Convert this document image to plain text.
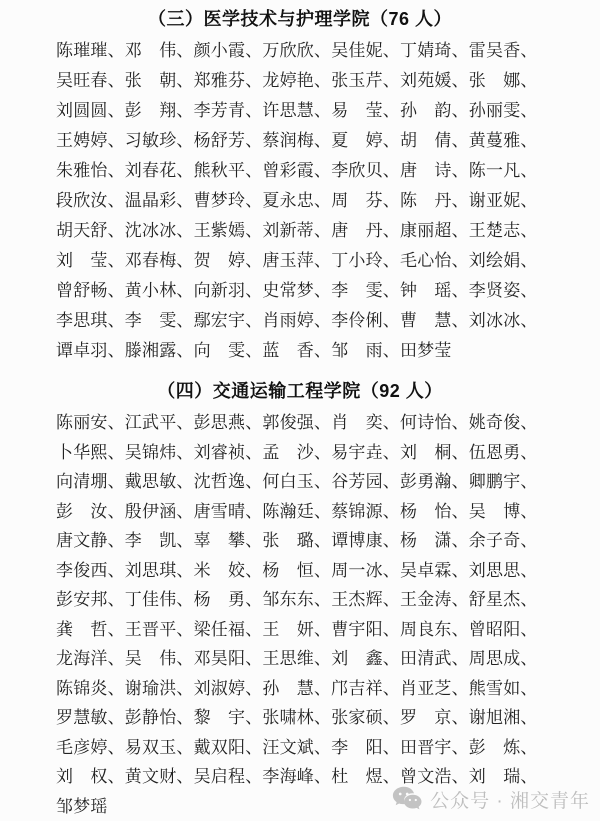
（三）医学技术与护理学院（76 人）
陈璀璀、邓　伟、颜小霞、万欣欣、吴佳妮、丁婧琦、雷吴香、
吴旺春、张　朝、郑雅芬、龙婷艳、张玉芹、刘苑媛、张　娜、
刘圆圆、彭　翔、李芳青、许思慧、易　莹、孙　韵、孙丽雯、
王娉婷、习敏珍、杨舒芳、蔡润梅、夏　婷、胡　倩、黄蔓雅、
朱雅怡、刘春花、熊秋平、曾彩霞、李欣贝、唐　诗、陈一凡、
段欣汝、温晶彩、曹梦玲、夏永忠、周　芬、陈　丹、谢亚妮、
胡天舒、沈冰冰、王紫嫣、刘新蒂、唐　丹、康丽超、王楚志、
刘　莹、邓春梅、贺　婷、唐玉萍、丁小玲、毛心怡、刘绘娟、
曾舒畅、黄小林、向新羽、史常梦、李　雯、钟　瑶、李贤姿、
李思琪、李　雯、鄢宏宇、肖雨婷、李伶俐、曹　慧、刘冰冰、
谭卓羽、滕湘露、向　雯、蓝　香、邹　雨、田梦莹
（四）交通运输工程学院（92 人）
陈丽安、江武平、彭思燕、郭俊强、肖　奕、何诗怡、姚奇俊、
卜华熙、吴锦炜、刘睿祯、孟　沙、易宇垚、刘　桐、伍恩勇、
向清堋、戴思敏、沈哲逸、何白玉、谷芳园、彭勇瀚、卿鹏宇、
彭　汝、殷伊涵、唐雪晴、陈瀚廷、蔡锦源、杨　怡、吴　博、
唐文静、李　凯、辜　攀、张　璐、谭博康、杨　潇、余子奇、
李俊西、刘思琪、米　姣、杨　恒、周一冰、吴卓霖、刘思思、
彭安邦、丁佳伟、杨　勇、邹东东、王杰辉、王金涛、舒星杰、
龚　哲、王晋平、梁任福、王　妍、曹宇阳、周良东、曾昭阳、
龙海洋、吴　伟、邓昊阳、王思维、刘　鑫、田清武、周思成、
陈锦炎、谢瑜洪、刘淑婷、孙　慧、邝吉祥、肖亚芝、熊雪如、
罗慧敏、彭静怡、黎　宇、张啸林、张家硕、罗　京、谢旭湘、
毛彦婷、易双玉、戴双阳、汪文斌、李　阳、田晋宇、彭　炼、
刘　权、黄文财、吴启程、李海峰、杜　煜、曾文浩、刘　瑞、
邹梦瑶	公众号 · 湘交青年
